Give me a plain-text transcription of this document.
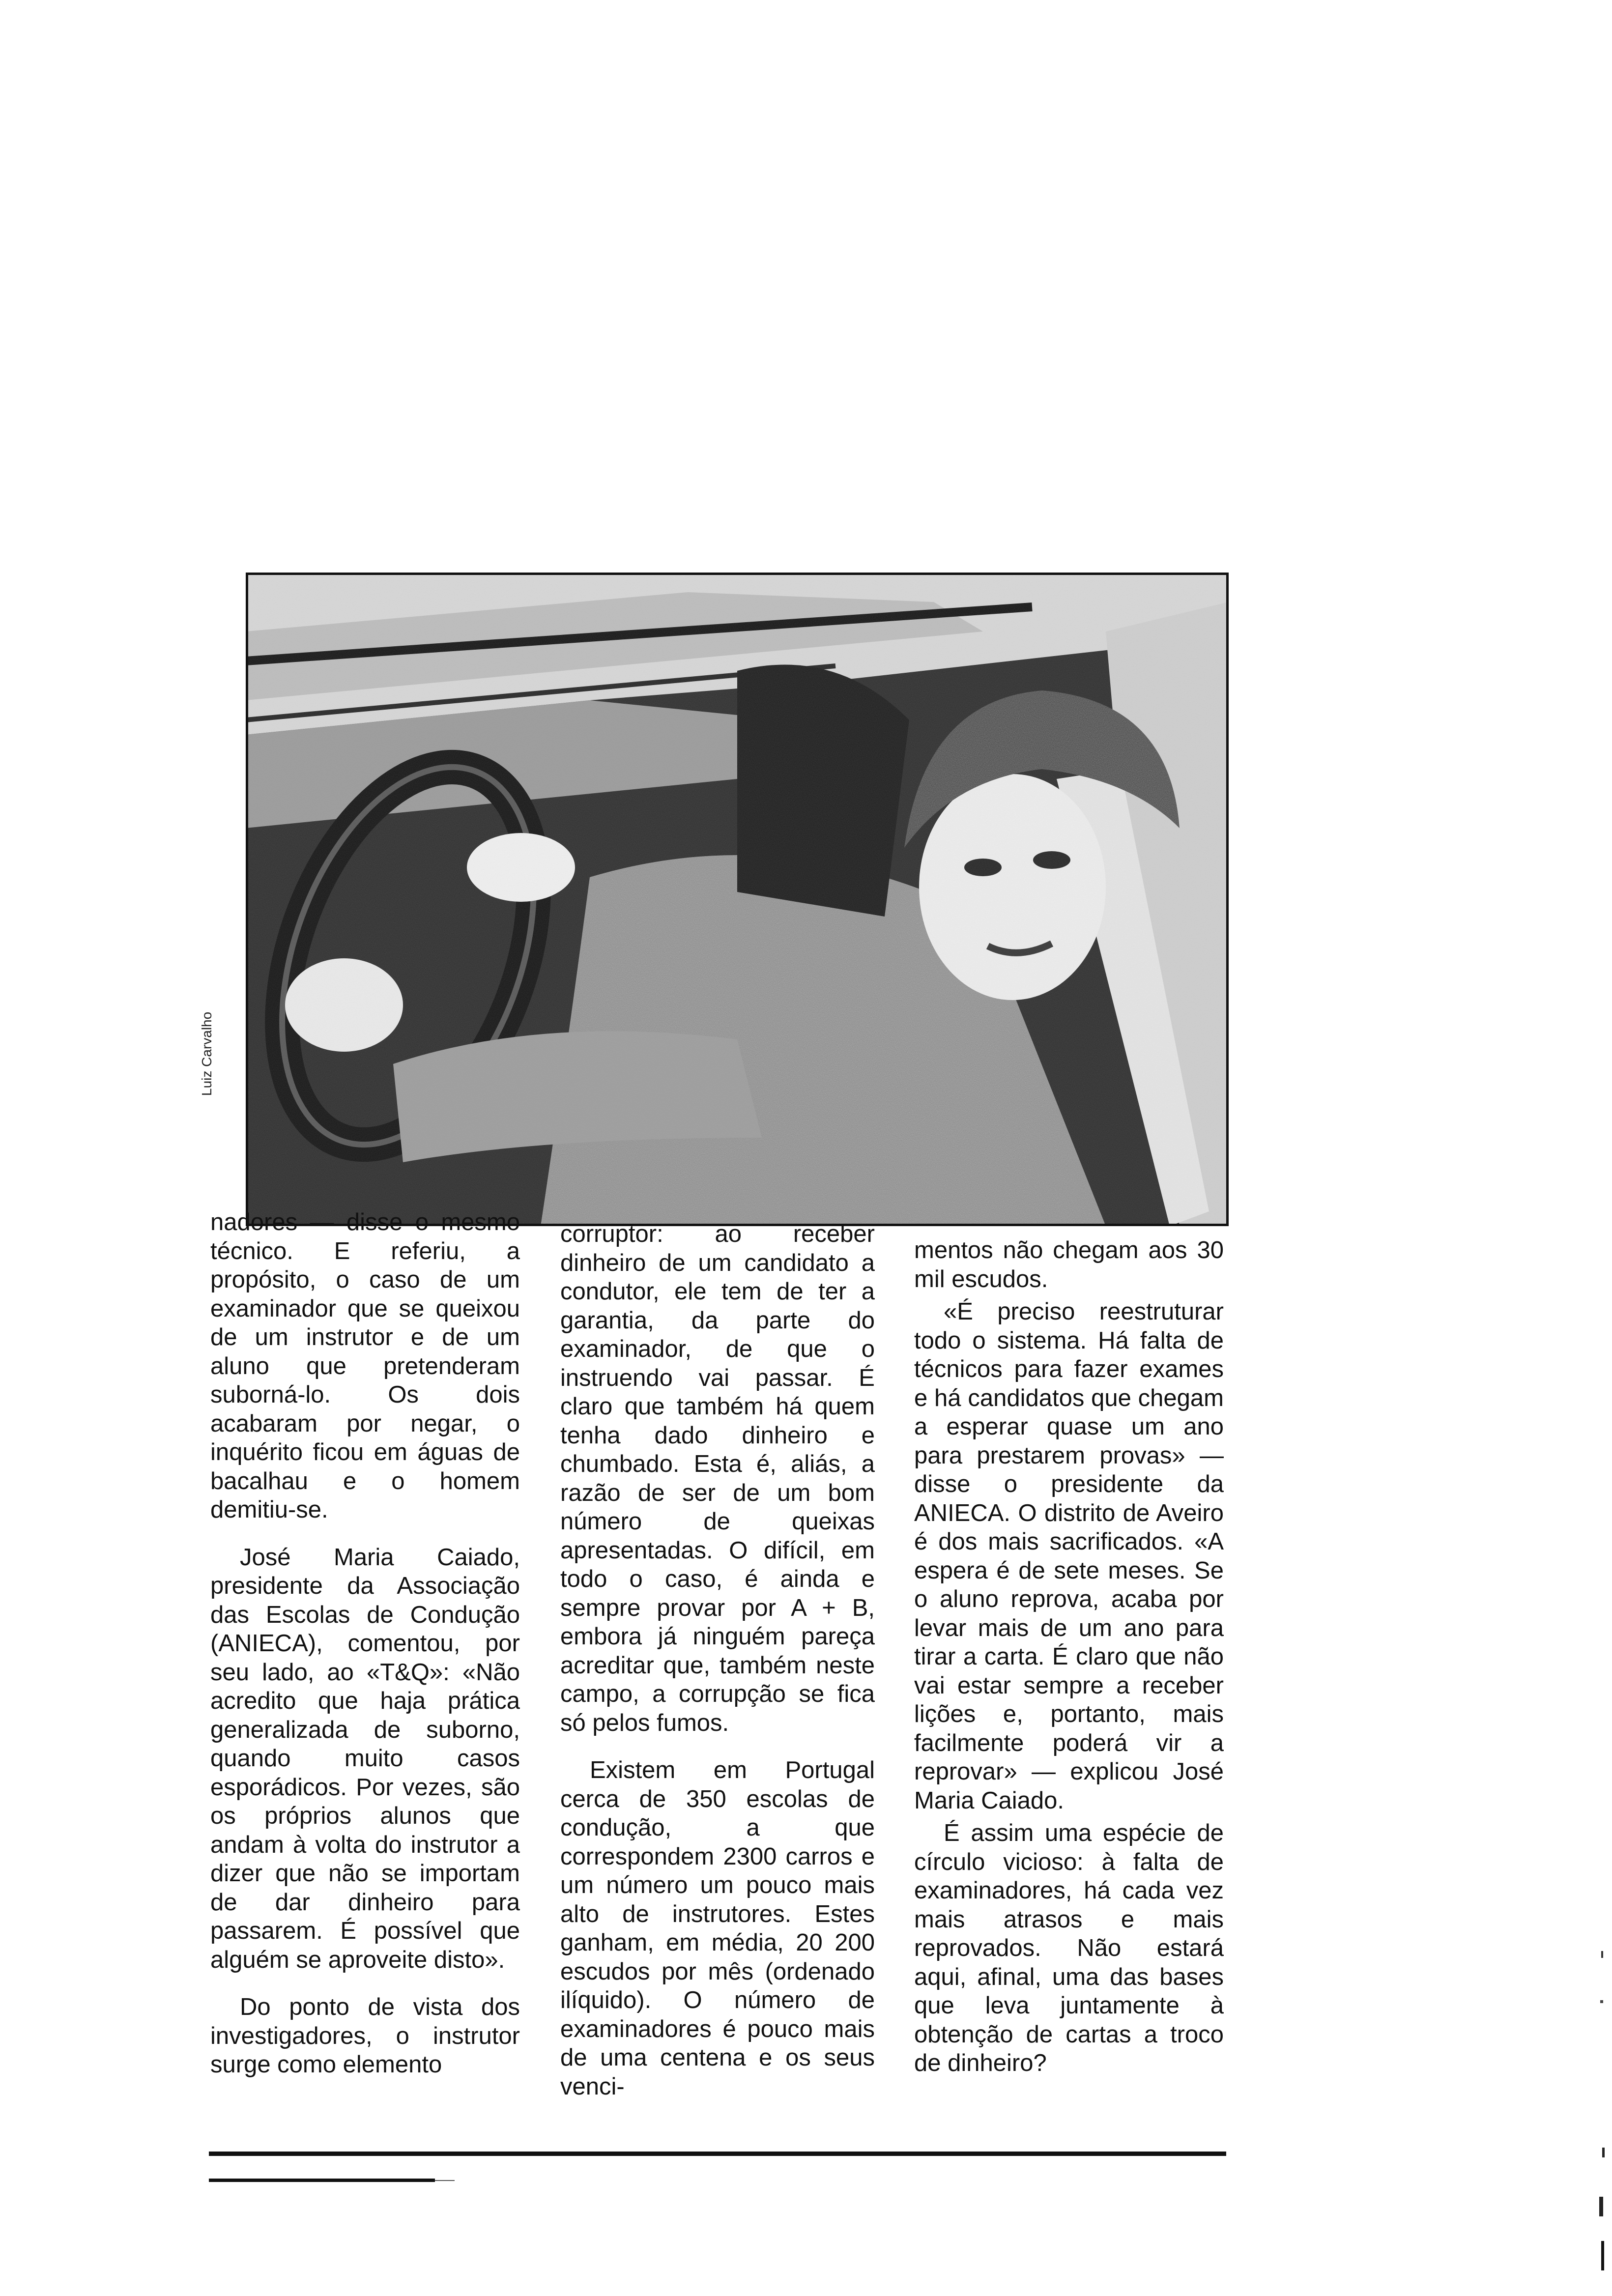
Luiz Carvalho

nadores — disse o mesmo técnico. E referiu, a propósito, o caso de um examinador que se queixou de um instrutor e de um aluno que pretenderam suborná-lo. Os dois acabaram por negar, o inquérito ficou em águas de bacalhau e o homem demitiu-se.

José Maria Caiado, presidente da Associação das Escolas de Condução (ANIECA), comentou, por seu lado, ao «T&Q»: «Não acredito que haja prática generalizada de suborno, quando muito casos esporádicos. Por vezes, são os próprios alunos que andam à volta do instrutor a dizer que não se importam de dar dinheiro para passarem. É possível que alguém se aproveite disto».

Do ponto de vista dos investigadores, o instrutor surge como elemento

corruptor: ao receber dinheiro de um candidato a condutor, ele tem de ter a garantia, da parte do examinador, de que o instruendo vai passar. É claro que também há quem tenha dado dinheiro e chumbado. Esta é, aliás, a razão de ser de um bom número de queixas apresentadas. O difícil, em todo o caso, é ainda e sempre provar por A + B, embora já ninguém pareça acreditar que, também neste campo, a corrupção se fica só pelos fumos.

Existem em Portugal cerca de 350 escolas de condução, a que correspondem 2300 carros e um número um pouco mais alto de instrutores. Estes ganham, em média, 20 200 escudos por mês (ordenado ilíquido). O número de examinadores é pouco mais de uma centena e os seus venci-

mentos não chegam aos 30 mil escudos.

«É preciso reestruturar todo o sistema. Há falta de técnicos para fazer exames e há candidatos que chegam a esperar quase um ano para prestarem provas» — disse o presidente da ANIECA. O distrito de Aveiro é dos mais sacrificados. «A espera é de sete meses. Se o aluno reprova, acaba por levar mais de um ano para tirar a carta. É claro que não vai estar sempre a receber lições e, portanto, mais facilmente poderá vir a reprovar» — explicou José Maria Caiado.

É assim uma espécie de círculo vicioso: à falta de examinadores, há cada vez mais atrasos e mais reprovados. Não estará aqui, afinal, uma das bases que leva juntamente à obtenção de cartas a troco de dinheiro?
